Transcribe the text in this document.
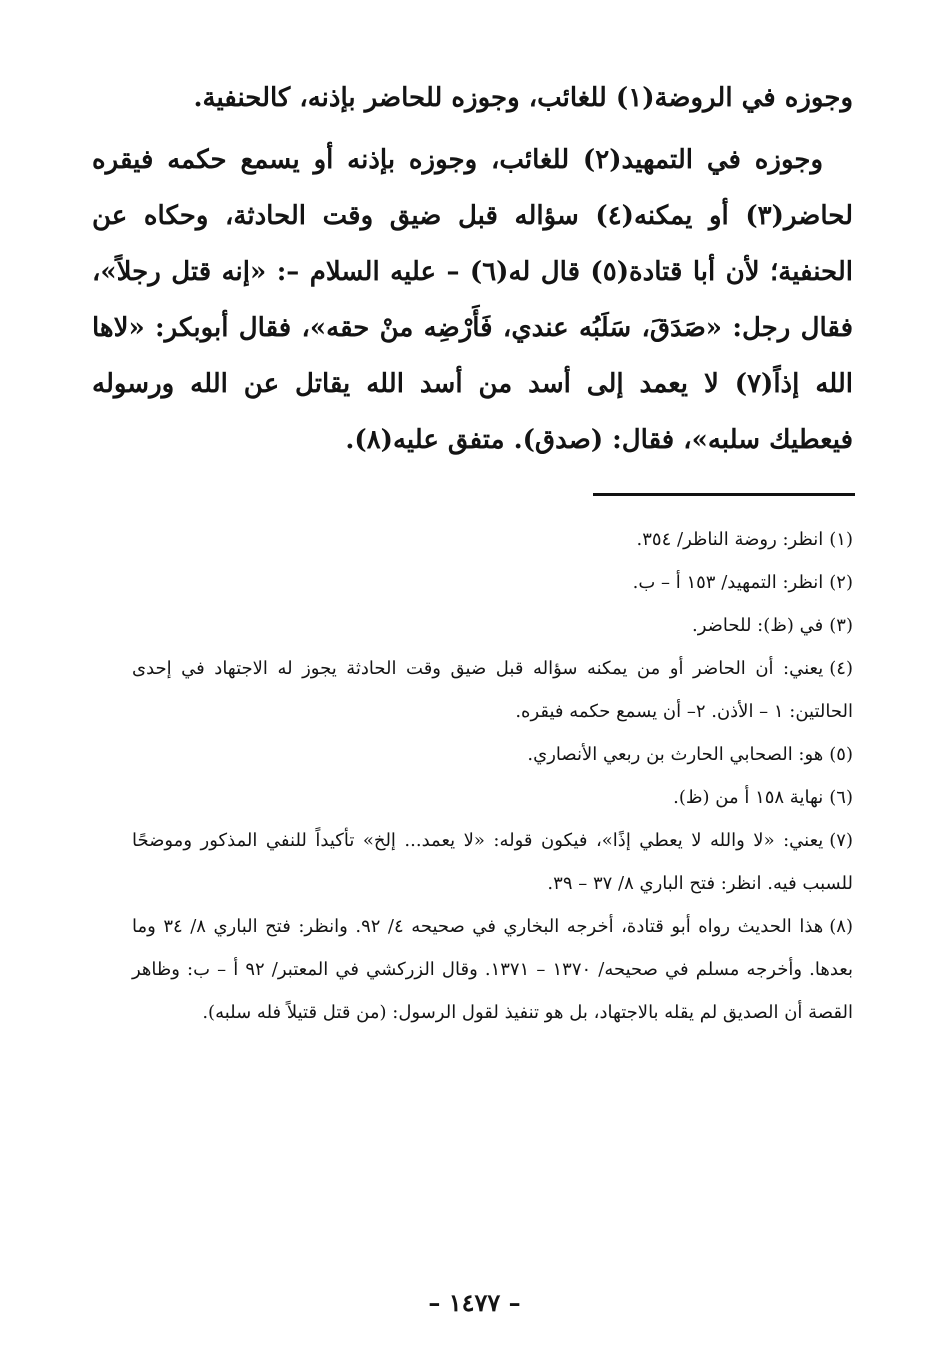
وجوزه في الروضة(١) للغائب، وجوزه للحاضر بإذنه، كالحنفية.

وجوزه في التمهيد(٢) للغائب، وجوزه بإذنه أو يسمع حكمه فيقره لحاضر(٣) أو يمكنه(٤) سؤاله قبل ضيق وقت الحادثة، وحكاه عن الحنفية؛ لأن أبا قتادة(٥) قال له(٦) – عليه السلام –: «إنه قتل رجلاً»، فقال رجل: «صَدَقَ، سَلَبُه عندي، فَأَرْضِه منْ حقه»، فقال أبوبكر: «لاها الله إذاً(٧) لا يعمد إلى أسد من أسد الله يقاتل عن الله ورسوله فيعطيك سلبه»، فقال: (صدق). متفق عليه(٨).

(١)انظر: روضة الناظر/ ٣٥٤.

(٢)انظر: التمهيد/ ١٥٣ أ – ب.

(٣)في (ظ): للحاضر.

(٤)يعني: أن الحاضر أو من يمكنه سؤاله قبل ضيق وقت الحادثة يجوز له الاجتهاد في إحدى الحالتين: ١ – الأذن. ٢– أن يسمع حكمه فيقره.

(٥)هو: الصحابي الحارث بن ربعي الأنصاري.

(٦)نهاية ١٥٨ أ من (ظ).

(٧)يعني: «لا والله لا يعطي إذًا»، فيكون قوله: «لا يعمد... إلخ» تأكيداً للنفي المذكور وموضحًا للسبب فيه. انظر: فتح الباري ٨/ ٣٧ – ٣٩.

(٨)هذا الحديث رواه أبو قتادة، أخرجه البخاري في صحيحه ٤/ ٩٢. وانظر: فتح الباري ٨/ ٣٤ وما بعدها. وأخرجه مسلم في صحيحه/ ١٣٧٠ – ١٣٧١. وقال الزركشي في المعتبر/ ٩٢ أ – ب: وظاهر القصة أن الصديق لم يقله بالاجتهاد، بل هو تنفيذ لقول الرسول: (من قتل قتيلاً فله سلبه).

– ١٤٧٧ –
